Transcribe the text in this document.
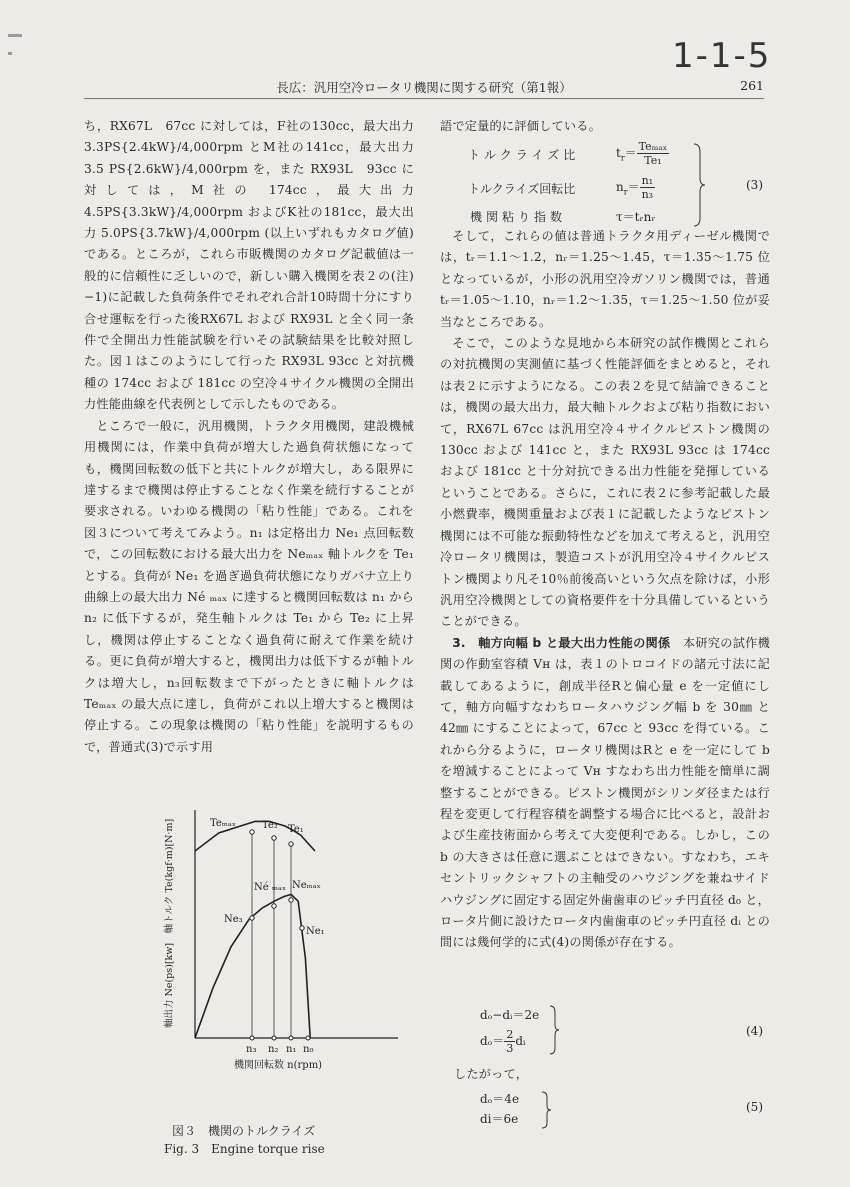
1-1-5
長広：汎用空冷ロータリ機関に関する研究（第1報）	261

ち，RX67L　67cc に対しては，F社の130cc，最大出力 3.3PS{2.4kW}/4,000rpm とM社の141cc，最大出力 3.5 PS{2.6kW}/4,000rpm を，また RX93L　93cc に対しては，M社の 174cc，最大出力 4.5PS{3.3kW}/4,000rpm およびK社の181cc，最大出力 5.0PS{3.7kW}/4,000rpm (以上いずれもカタログ値)である。ところが，これら市販機関のカタログ記載値は一般的に信頼性に乏しいので，新しい購入機関を表２の(注)−1)に記載した負荷条件でそれぞれ合計10時間十分にすり合せ運転を行った後RX67L および RX93L と全く同一条件で全開出力性能試験を行いその試験結果を比較対照した。図１はこのようにして行った RX93L 93cc と対抗機種の 174cc および 181cc の空冷４サイクル機関の全開出力性能曲線を代表例として示したものである。

ところで一般に，汎用機関，トラクタ用機関，建設機械用機関には，作業中負荷が増大した過負荷状態になっても，機関回転数の低下と共にトルクが増大し，ある限界に達するまで機関は停止することなく作業を続行することが要求される。いわゆる機関の「粘り性能」である。これを図３について考えてみよう。n₁ は定格出力 Ne₁ 点回転数で，この回転数における最大出力を Neₘₐₓ 軸トルクを Te₁ とする。負荷が Ne₁ を過ぎ過負荷状態になりガバナ立上り曲線上の最大出力 Né ₘₐₓ に達すると機関回転数は n₁ から n₂ に低下するが，発生軸トルクは Te₁ から Te₂ に上昇し，機関は停止することなく過負荷に耐えて作業を続ける。更に負荷が増大すると，機関出力は低下するが軸トルクは増大し，n₃回転数まで下がったときに軸トルクは Teₘₐₓ の最大点に達し，負荷がこれ以上増大すると機関は停止する。この現象は機関の「粘り性能」を説明するもので，普通式(3)で示す用

語で定量的に評価している。

トルクライズ比	$t_r= \frac{\text{Teₘₐₓ}}{\text{Te₁}}$
トルクライズ回転比	$n_r= \frac{\text{n₁}}{\text{n₃}}$
機関粘り指数	τ＝tᵣnᵣ
(3)

そして，これらの値は普通トラクタ用ディーゼル機関では，tᵣ＝1.1〜1.2，nᵣ＝1.25〜1.45，τ＝1.35〜1.75 位となっているが，小形の汎用空冷ガソリン機関では，普通 tᵣ＝1.05〜1.10，nᵣ＝1.2〜1.35，τ＝1.25〜1.50 位が妥当なところである。

そこで，このような見地から本研究の試作機関とこれらの対抗機関の実測値に基づく性能評価をまとめると，それは表２に示すようになる。この表２を見て結論できることは，機関の最大出力，最大軸トルクおよび粘り指数において，RX67L 67cc は汎用空冷４サイクルピストン機関の 130cc および 141cc と，また RX93L 93cc は 174cc および 181cc と十分対抗できる出力性能を発揮しているということである。さらに，これに表２に参考記載した最小燃費率，機関重量および表１に記載したようなピストン機関には不可能な振動特性などを加えて考えると，汎用空冷ロータリ機関は，製造コストが汎用空冷４サイクルピストン機関より凡そ10％前後高いという欠点を除けば，小形汎用空冷機関としての資格要件を十分具備しているということができる。

3.　 軸方向幅 b と最大出力性能の関係　 本研究の試作機関の作動室容積 Vн は，表１のトロコイドの諸元寸法に記載してあるように，創成半径Rと偏心量 e を一定値にして，軸方向幅すなわちロータハウジング幅 b を 30㎜ と 42㎜ にすることによって，67cc と 93cc を得ている。これから分るように，ロータリ機関はRと e を一定にして b を増減することによって Vн すなわち出力性能を簡単に調整することができる。ピストン機関がシリンダ径または行程を変更して行程容積を調整する場合に比べると，設計および生産技術面から考えて大変便利である。しかし，この b の大きさは任意に選ぶことはできない。すなわち，エキセントリックシャフトの主軸受のハウジングを兼ねサイドハウジングに固定する固定外歯歯車のピッチ円直径 d₀ と，ロータ片側に設けたロータ内歯歯車のピッチ円直径 dᵢ との間には幾何学的に式(4)の関係が存在する。

dₒ−dᵢ＝2e
$d_o= \frac{2}{3}$ dᵢ
(4)
したがって，
dₒ＝4e
di＝6e
(5)
軸出力 Ne(ps)[kw]　軸トルク Te(kgf·m)[N·m]	Teₘₐₓ	Te₂ Te₁
Né ₘₐₓ Neₘₐₓ
Ne₃
Ne₁
n₃ n₂ n₁ n₀
機関回転数 n(rpm)
図３　機関のトルクライズ
Fig. 3　Engine torque rise
